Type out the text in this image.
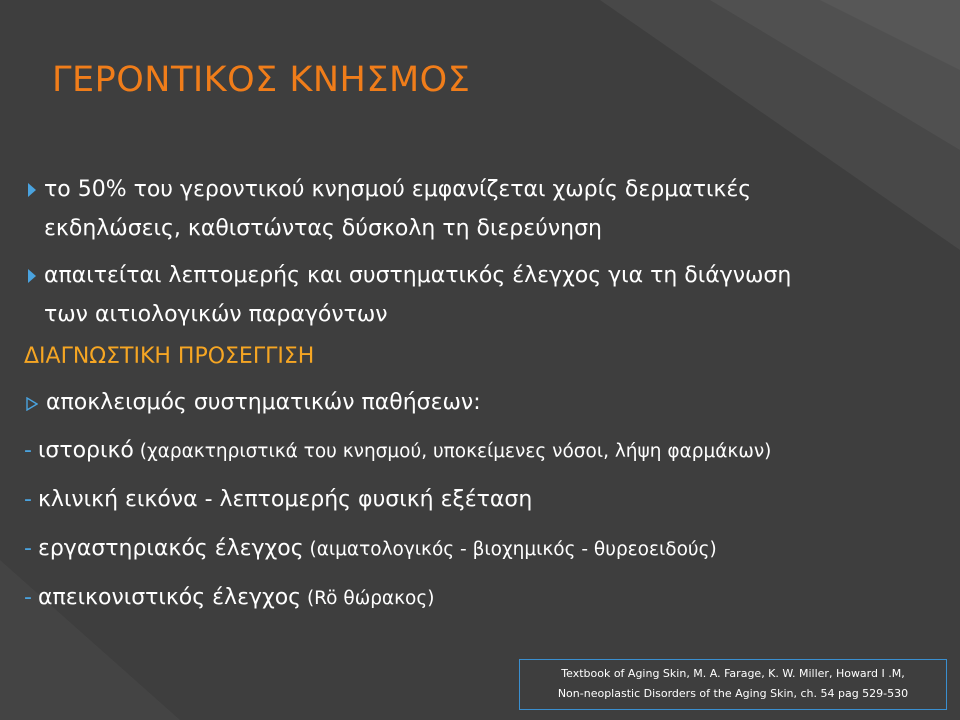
ΓΕΡΟΝΤΙΚΟΣ ΚΝΗΣΜΟΣ
το 50% του γεροντικού κνησμού εμφανίζεται χωρίς δερματικές
εκδηλώσεις, καθιστώντας δύσκολη τη διερεύνηση
απαιτείται λεπτομερής και συστηματικός έλεγχος για τη διάγνωση
των αιτιολογικών παραγόντων
ΔΙΑΓΝΩΣΤΙΚΗ ΠΡΟΣΕΓΓΙΣΗ
αποκλεισμός συστηματικών παθήσεων:
- ιστορικό (χαρακτηριστικά του κνησμού, υποκείμενες νόσοι, λήψη φαρμάκων)
- κλινική εικόνα - λεπτομερής φυσική εξέταση
- εργαστηριακός έλεγχος (αιματολογικός - βιοχημικός - θυρεοειδούς)
- απεικονιστικός έλεγχος (Rö θώρακος)
Textbook of Aging Skin, M. A. Farage, K. W. Miller, Howard I .M,
Non-neoplastic Disorders of the Aging Skin, ch. 54 pag 529-530
